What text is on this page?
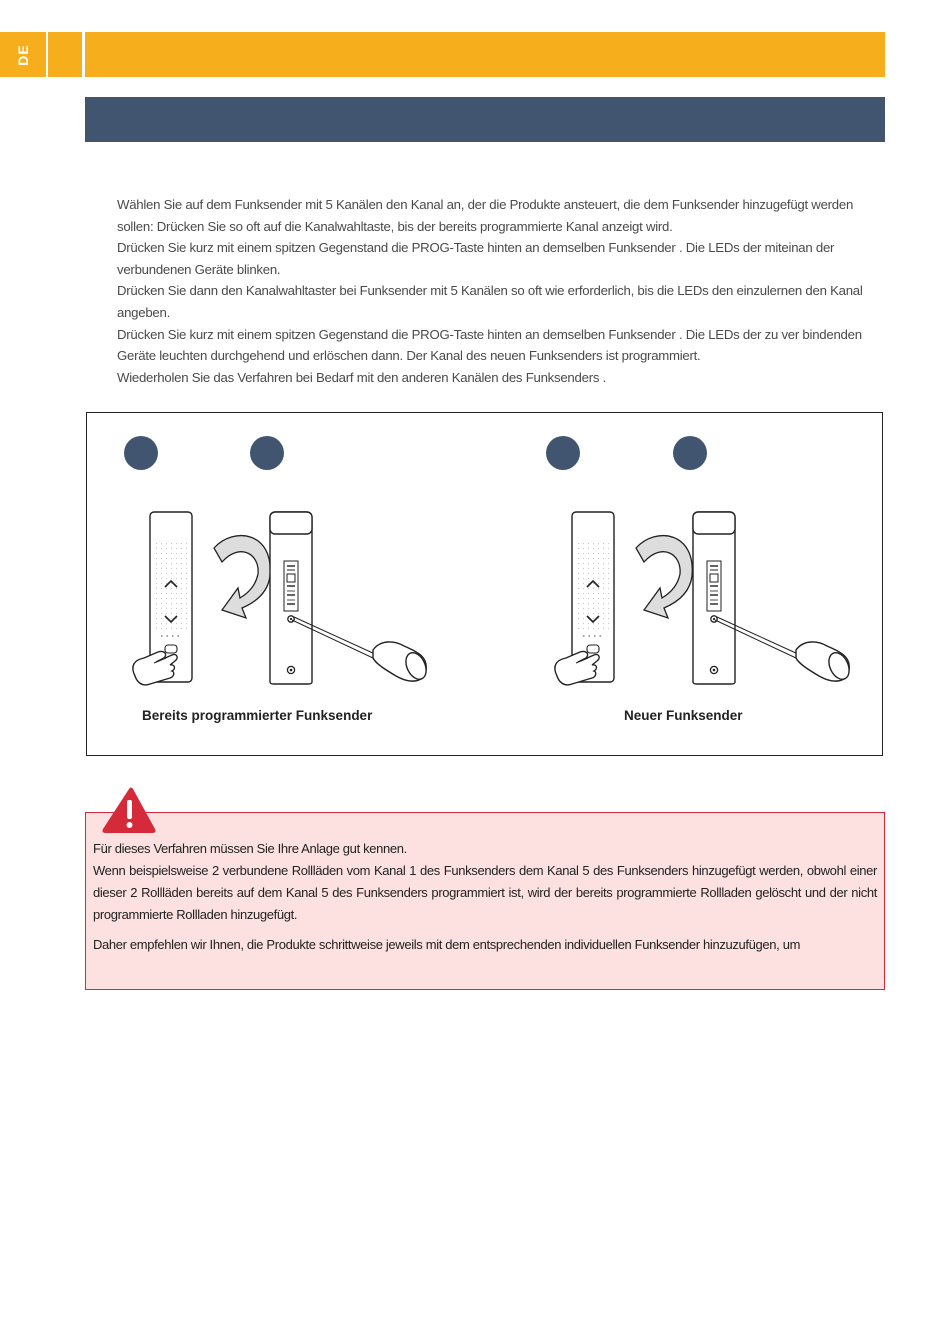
DE

Wählen Sie auf dem Funksender mit 5 Kanälen den Kanal an, der die Produkte ansteuert, die dem Funksender hinzugefügt werden sollen: Drücken Sie so oft auf die Kanalwahltaste, bis der bereits programmierte Kanal anzeigt wird.

Drücken Sie kurz mit einem spitzen Gegenstand die PROG-Taste hinten an demselben Funksender . Die LEDs der miteinan der verbundenen Geräte blinken.

Drücken Sie dann den Kanalwahltaster bei Funksender mit 5 Kanälen so oft wie erforderlich, bis die LEDs den einzulernen den Kanal angeben.

Drücken Sie kurz mit einem spitzen Gegenstand die PROG-Taste hinten an demselben Funksender . Die LEDs der zu ver bindenden Geräte leuchten durchgehend und erlöschen dann. Der Kanal des neuen Funksenders ist programmiert.

Wiederholen Sie das Verfahren bei Bedarf mit den anderen Kanälen des Funksenders .

Bereits programmierter Funksender	Neuer Funksender

Für dieses Verfahren müssen Sie Ihre Anlage gut kennen.

Wenn beispielsweise 2 verbundene Rollläden vom Kanal 1 des Funksenders dem Kanal 5 des Funksenders hinzugefügt werden, obwohl einer dieser 2 Rollläden bereits auf dem Kanal 5 des Funksenders programmiert ist, wird der bereits programmierte Rollladen gelöscht und der nicht programmierte Rollladen hinzugefügt.

Daher empfehlen wir Ihnen, die Produkte schrittweise jeweils mit dem entsprechenden individuellen Funksender hinzuzufügen, um
